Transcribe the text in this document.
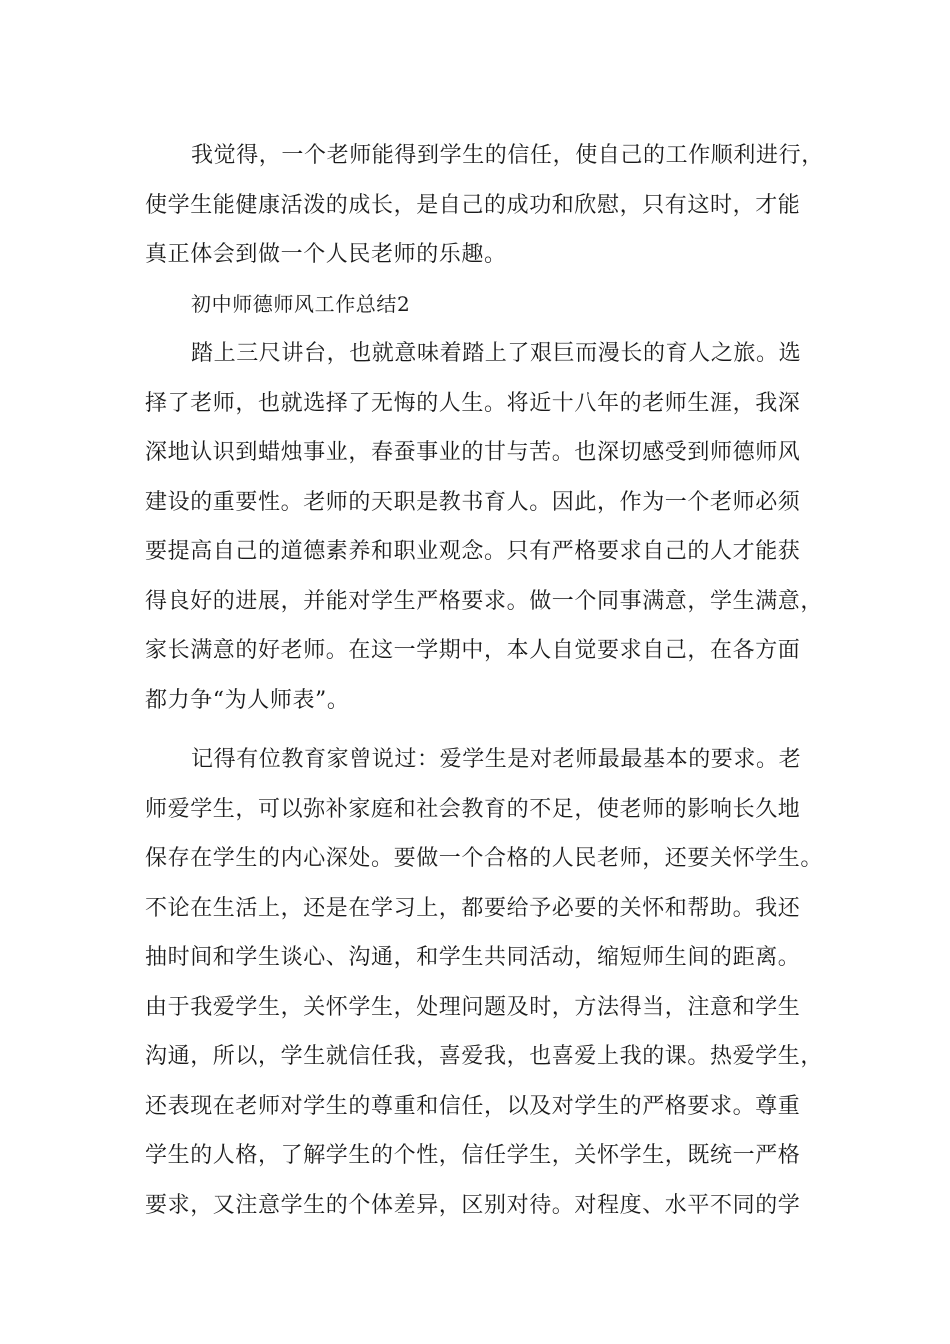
我觉得，一个老师能得到学生的信任，使自己的工作顺利进行，
使学生能健康活泼的成长，是自己的成功和欣慰，只有这时，才能
真正体会到做一个人民老师的乐趣。
初中师德师风工作总结2
踏上三尺讲台，也就意味着踏上了艰巨而漫长的育人之旅。选
择了老师，也就选择了无悔的人生。将近十八年的老师生涯，我深
深地认识到蜡烛事业，春蚕事业的甘与苦。也深切感受到师德师风
建设的重要性。老师的天职是教书育人。因此，作为一个老师必须
要提高自己的道德素养和职业观念。只有严格要求自己的人才能获
得良好的进展，并能对学生严格要求。做一个同事满意，学生满意，
家长满意的好老师。在这一学期中，本人自觉要求自己，在各方面
都力争“为人师表”。
记得有位教育家曾说过：爱学生是对老师最最基本的要求。老
师爱学生，可以弥补家庭和社会教育的不足，使老师的影响长久地
保存在学生的内心深处。要做一个合格的人民老师，还要关怀学生。
不论在生活上，还是在学习上，都要给予必要的关怀和帮助。我还
抽时间和学生谈心、沟通，和学生共同活动，缩短师生间的距离。
由于我爱学生，关怀学生，处理问题及时，方法得当，注意和学生
沟通，所以，学生就信任我，喜爱我，也喜爱上我的课。热爱学生，
还表现在老师对学生的尊重和信任，以及对学生的严格要求。尊重
学生的人格，了解学生的个性，信任学生，关怀学生，既统一严格
要求，又注意学生的个体差异，区别对待。对程度、水平不同的学
